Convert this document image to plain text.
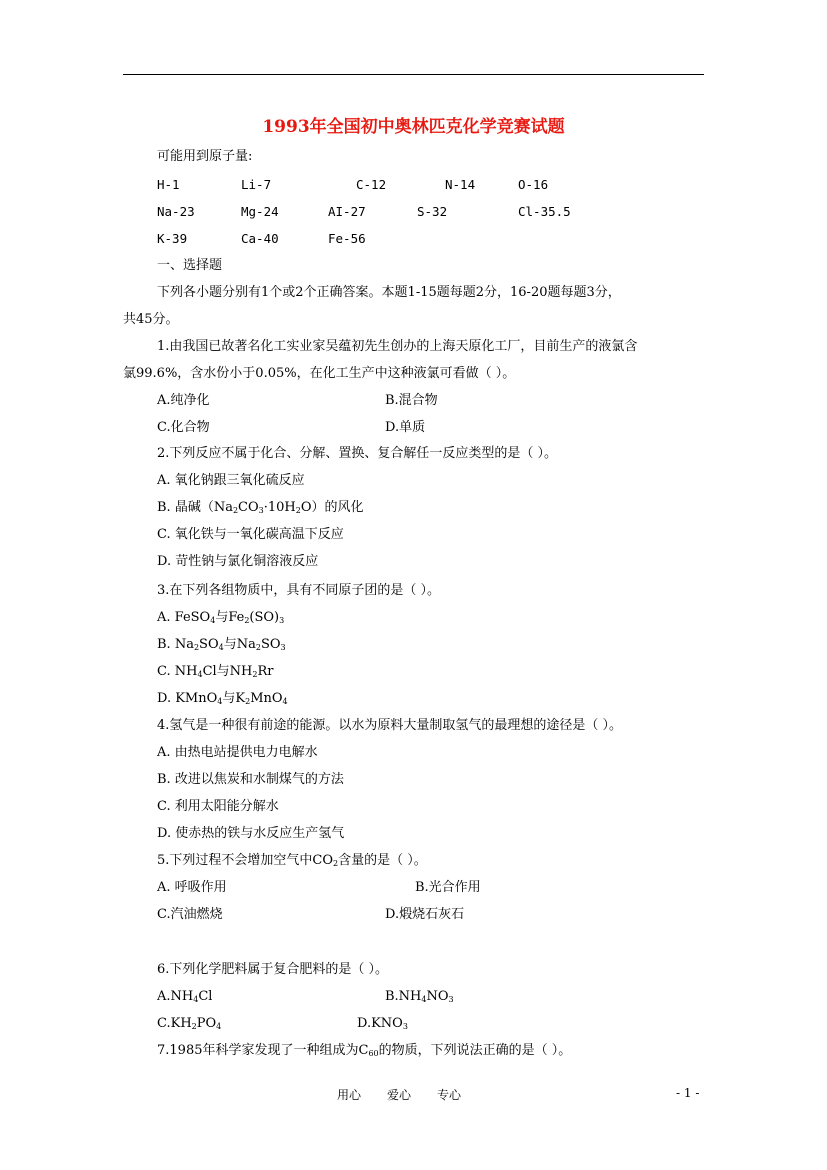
1993年全国初中奥林匹克化学竞赛试题
可能用到原子量:
H-1	Li-7	C-12	N-14	O-16
Na-23	Mg-24	AI-27	S-32	Cl-35.5
K-39	Ca-40	Fe-56
一、选择题
下列各小题分别有1个或2个正确答案。本题1-15题每题2分，16-20题每题3分，
共45分。
1.由我国已故著名化工实业家吴蕴初先生创办的上海天原化工厂，目前生产的液氯含
氯99.6%，含水份小于0.05%，在化工生产中这种液氯可看做（ ）。
A.纯净化	B.混合物
C.化合物	D.单质
2.下列反应不属于化合、分解、置换、复合解任一反应类型的是（ ）。
A. 氧化钠跟三氧化硫反应
B. 晶碱$(Na_2CO_3\cdot 10H_2O)$的风化
C. 氧化铁与一氧化碳高温下反应
D. 苛性钠与氯化铜溶液反应
3.在下列各组物质中，具有不同原子团的是（ ）。
A. FeSO$_4$与$Fe_2(SO)_3$
B. $Na_2SO_4$与$Na_2SO_3$
C. $NH_4Cl$与$NH_2Rr$
D. KMnO$_4$与$K_2MnO_4$
4.氢气是一种很有前途的能源。以水为原料大量制取氢气的最理想的途径是（ ）。
A. 由热电站提供电力电解水
B. 改进以焦炭和水制煤气的方法
C. 利用太阳能分解水
D. 使赤热的铁与水反应生产氢气
5.下列过程不会增加空气中$CO_2$含量的是（ ）。
A. 呼吸作用	B.光合作用
C.汽油燃烧	D.煅烧石灰石
6.下列化学肥料属于复合肥料的是（ ）。
$A.NH_4Cl$	$B.NH_4NO_3$
$C.KH_2PO_4$	$D.KNO_3$
7.1985年科学家发现了一种组成为$C_{60}$的物质，下列说法正确的是（ ）。
用心 爱心 专心	- 1 -
